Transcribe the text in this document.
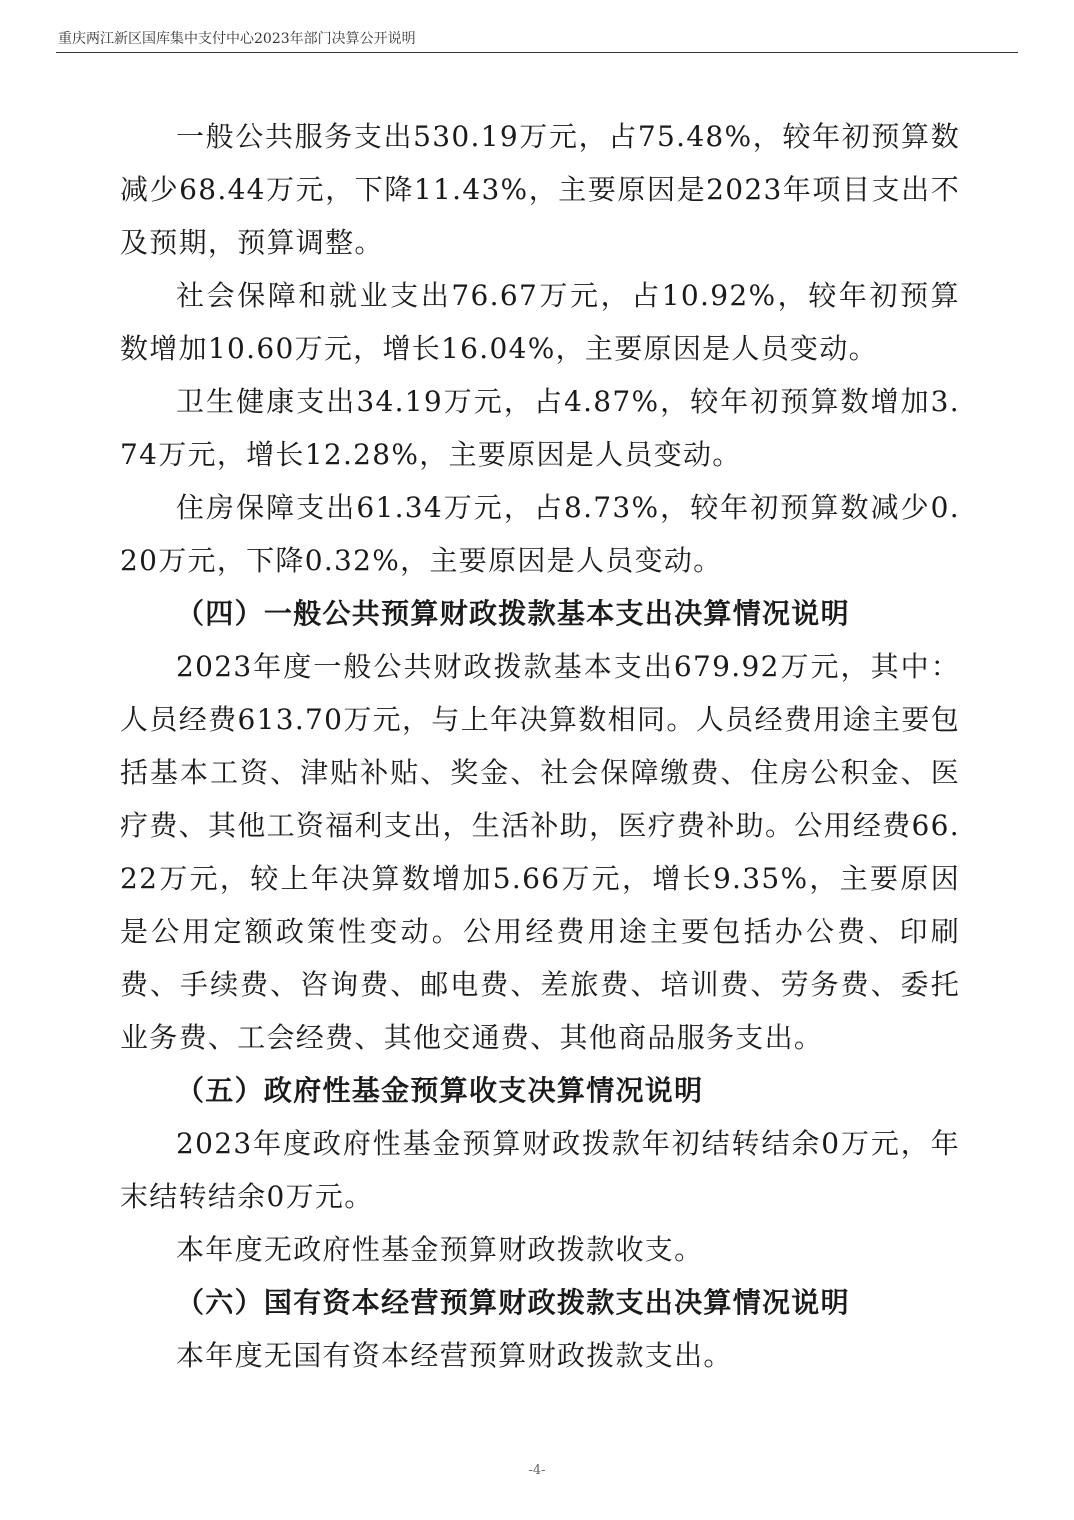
重庆两江新区国库集中支付中心2023年部门决算公开说明

一般公共服务支出530.19万元，占75.48%，较年初预算数减少68.44万元，下降11.43%，主要原因是2023年项目支出不及预期，预算调整。

社会保障和就业支出76.67万元，占10.92%，较年初预算数增加10.60万元，增长16.04%，主要原因是人员变动。

卫生健康支出34.19万元，占4.87%，较年初预算数增加3.74万元，增长12.28%，主要原因是人员变动。

住房保障支出61.34万元，占8.73%，较年初预算数减少0.20万元，下降0.32%，主要原因是人员变动。

（四）一般公共预算财政拨款基本支出决算情况说明

2023年度一般公共财政拨款基本支出679.92万元，其中：人员经费613.70万元，与上年决算数相同。人员经费用途主要包括基本工资、津贴补贴、奖金、社会保障缴费、住房公积金、医疗费、其他工资福利支出，生活补助，医疗费补助。公用经费66.22万元，较上年决算数增加5.66万元，增长9.35%，主要原因是公用定额政策性变动。公用经费用途主要包括办公费、印刷费、手续费、咨询费、邮电费、差旅费、培训费、劳务费、委托业务费、工会经费、其他交通费、其他商品服务支出。

（五）政府性基金预算收支决算情况说明

2023年度政府性基金预算财政拨款年初结转结余0万元，年末结转结余0万元。

本年度无政府性基金预算财政拨款收支。

（六）国有资本经营预算财政拨款支出决算情况说明

本年度无国有资本经营预算财政拨款支出。

-4-
